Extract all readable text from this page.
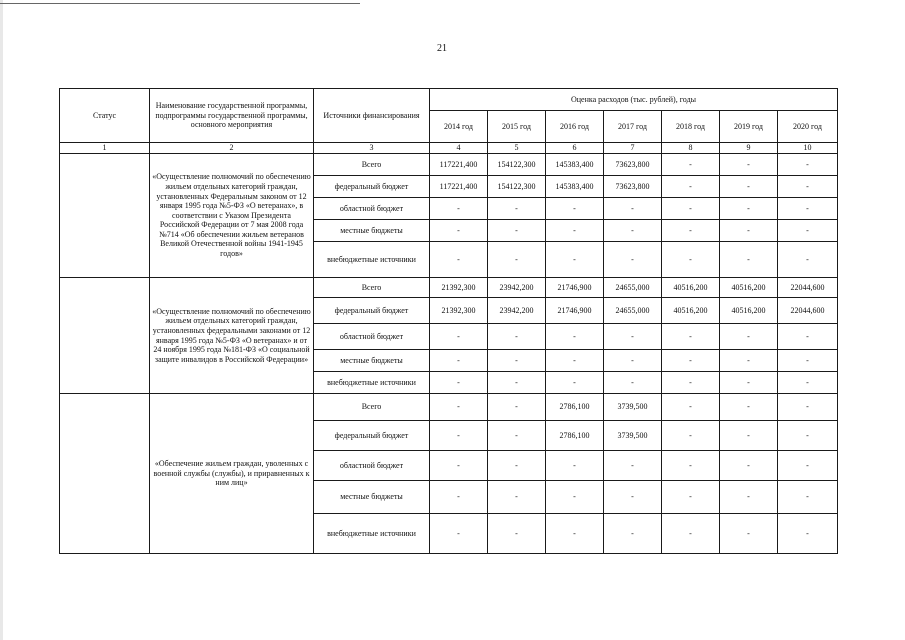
21
Статус	Наименование государственной программы, подпрограммы государственной программы, основного мероприятия	Источники финансирования	Оценка расходов (тыс. рублей), годы						
			2014 год	2015 год	2016 год	2017 год	2018 год	2019 год	2020 год
1	2	3	4	5	6	7	8	9	10
	«Осуществление полномочий по обеспечению жильем отдельных категорий граждан, установленных Федеральным законом от 12 января 1995 года №5-ФЗ «О ветеранах», в соответствии с Указом Президента Российской Федерации от 7 мая 2008 года №714 «Об обеспечении жильем ветеранов Великой Отечественной войны 1941-1945 годов»	Всего	117221,400	154122,300	145383,400	73623,800	-	-	-
		федеральный бюджет	117221,400	154122,300	145383,400	73623,800	-	-	-
		областной бюджет	-	-	-	-	-	-	-
		местные бюджеты	-	-	-	-	-	-	-
		внебюджетные источники	-	-	-	-	-	-	-
	«Осуществление полномочий по обеспечению жильем отдельных категорий граждан, установленных федеральными законами от 12 января 1995 года №5-ФЗ «О ветеранах» и от 24 ноября 1995 года №181-ФЗ «О социальной защите инвалидов в Российской Федерации»	Всего	21392,300	23942,200	21746,900	24655,000	40516,200	40516,200	22044,600
		федеральный бюджет	21392,300	23942,200	21746,900	24655,000	40516,200	40516,200	22044,600
		областной бюджет	-	-	-	-	-	-	-
		местные бюджеты	-	-	-	-	-	-	-
		внебюджетные источники	-	-	-	-	-	-	-
	«Обеспечение жильем граждан, уволенных с военной службы (службы), и приравненных к ним лиц»	Всего	-	-	2786,100	3739,500	-	-	-
		федеральный бюджет	-	-	2786,100	3739,500	-	-	-
		областной бюджет	-	-	-	-	-	-	-
		местные бюджеты	-	-	-	-	-	-	-
		внебюджетные источники	-	-	-	-	-	-	-
